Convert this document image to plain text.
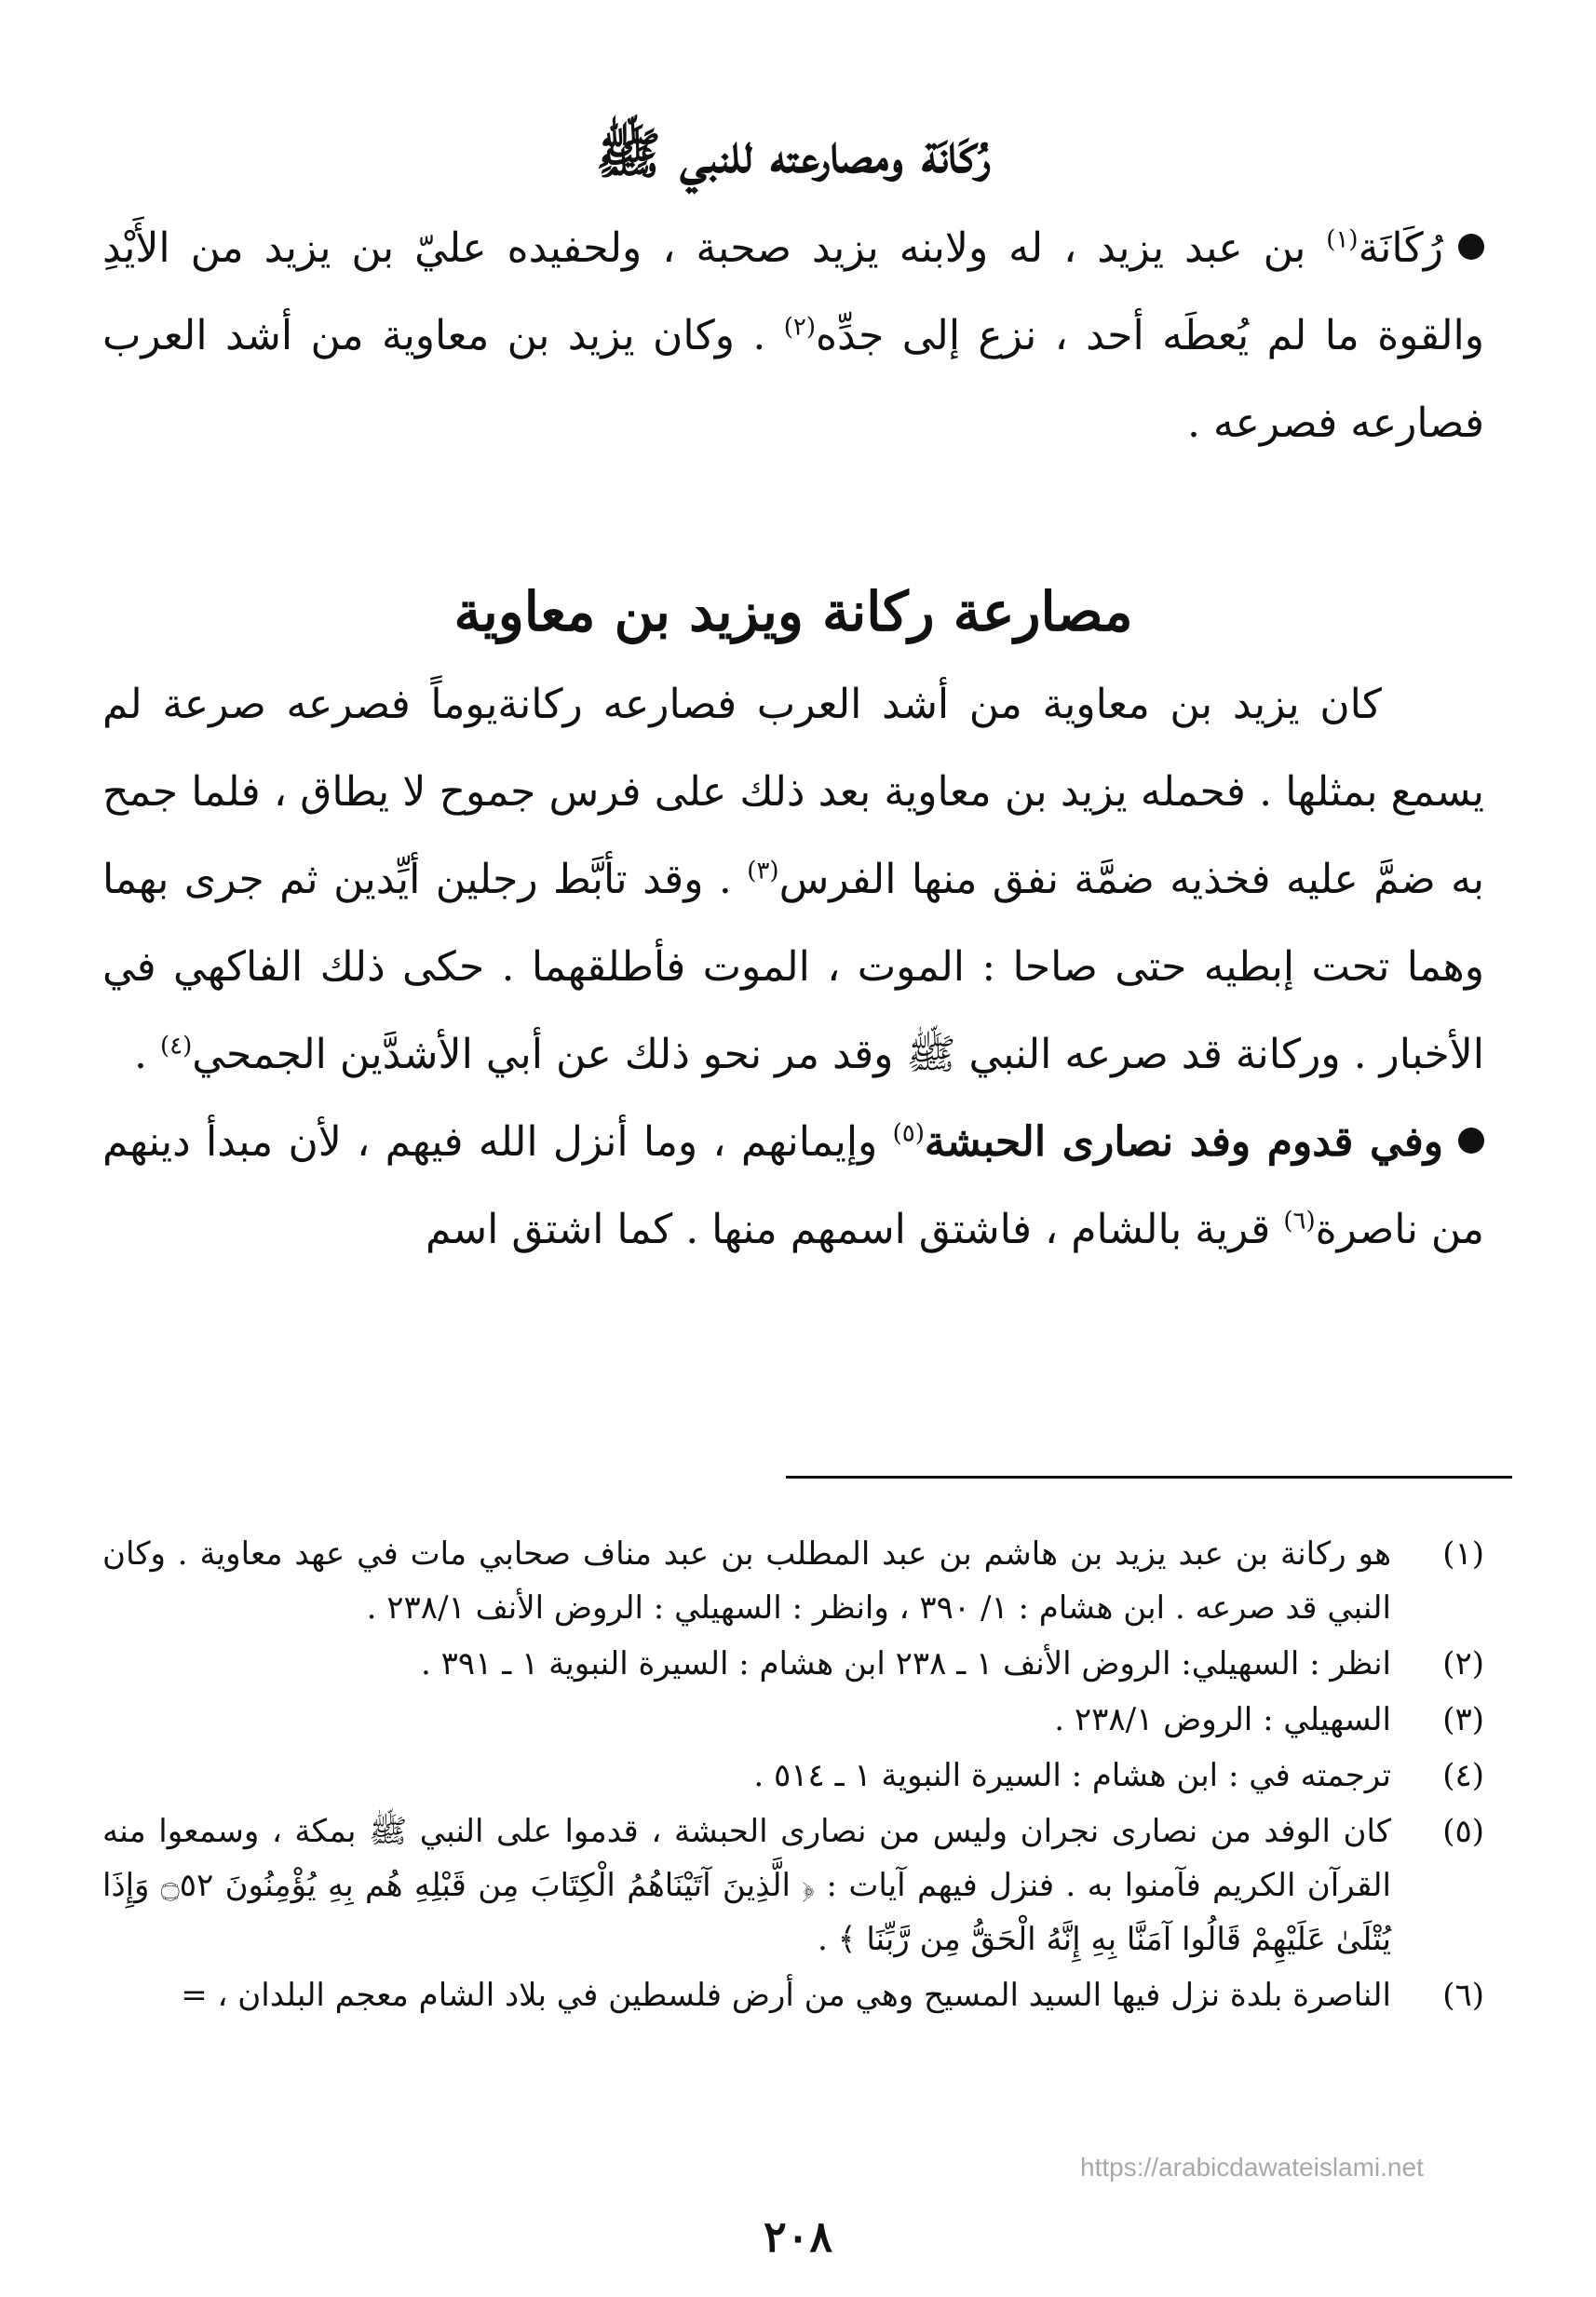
رُكَانَة ومصارعته للنبي ﷺ

رُكَانَة$^{(١)}$ بن عبد يزيد ، له ولابنه يزيد صحبة ، ولحفيده عليّ بن يزيد من الأَيْدِ والقوة ما لم يُعطَه أحد ، نزع إلى جدِّه$^{(٢)}$ . وكان يزيد بن معاوية من أشد العرب فصارعه فصرعه .

مصارعة ركانة ويزيد بن معاوية

كان يزيد بن معاوية من أشد العرب فصارعه ركانةيوماً فصرعه صرعة لم يسمع بمثلها . فحمله يزيد بن معاوية بعد ذلك على فرس جموح لا يطاق ، فلما جمح به ضمَّ عليه فخذيه ضمَّة نفق منها الفرس$^{(٣)}$ . وقد تأبَّط رجلين أيِّدين ثم جرى بهما وهما تحت إبطيه حتى صاحا : الموت ، الموت فأطلقهما . حكى ذلك الفاكهي في الأخبار . وركانة قد صرعه النبي ﷺ وقد مر نحو ذلك عن أبي الأشدَّين الجمحي$^{(٤)}$ .

وفي قدوم وفد نصارى الحبشة$^{(٥)}$ وإيمانهم ، وما أنزل الله فيهم ، لأن مبدأ دينهم من ناصرة$^{(٦)}$ قرية بالشام ، فاشتق اسمهم منها . كما اشتق اسم

(١)
هو ركانة بن عبد يزيد بن هاشم بن عبد المطلب بن عبد مناف صحابي مات في عهد معاوية . وكان النبي قد صرعه . ابن هشام : ١/ ٣٩٠ ، وانظر : السهيلي : الروض الأنف ٢٣٨/١ .
(٢)
انظر : السهيلي: الروض الأنف ١ ـ ٢٣٨ ابن هشام : السيرة النبوية ١ ـ ٣٩١ .
(٣)
السهيلي : الروض ٢٣٨/١ .
(٤)
ترجمته في : ابن هشام : السيرة النبوية ١ ـ ٥١٤ .
(٥)
كان الوفد من نصارى نجران وليس من نصارى الحبشة ، قدموا على النبي ﷺ بمكة ، وسمعوا منه القرآن الكريم فآمنوا به . فنزل فيهم آيات : ﴿ الَّذِينَ آتَيْنَاهُمُ الْكِتَابَ مِن قَبْلِهِ هُم بِهِ يُؤْمِنُونَ ۝٥٢ وَإِذَا يُتْلَىٰ عَلَيْهِمْ قَالُوا آمَنَّا بِهِ إِنَّهُ الْحَقُّ مِن رَّبِّنَا ﴾ .
(٦)
الناصرة بلدة نزل فيها السيد المسيح وهي من أرض فلسطين في بلاد الشام معجم البلدان ، =
https://arabicdawateislami.net
٢٠٨
